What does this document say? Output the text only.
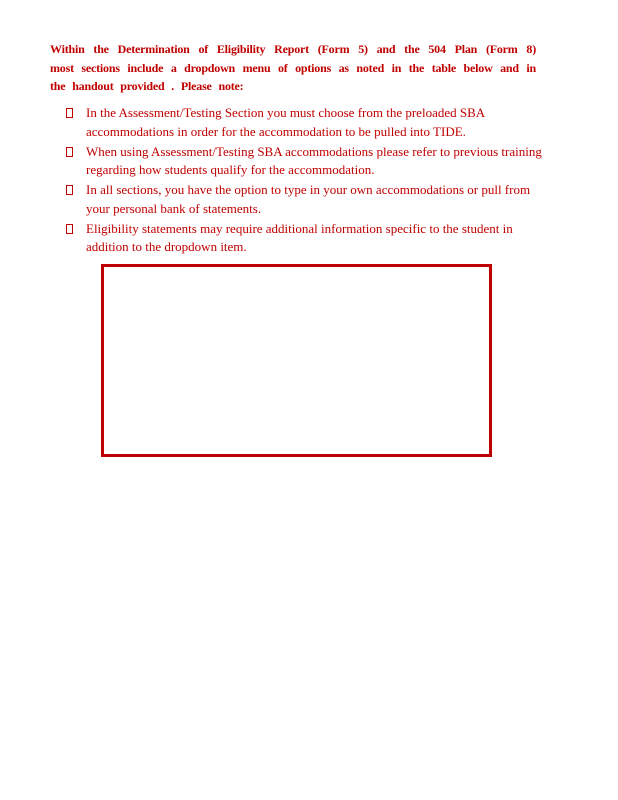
Within the Determination of Eligibility Report (Form 5) and the 504 Plan (Form 8) most sections include a dropdown menu of options as noted in the table below and in the handout provided . Please note:
In the Assessment/Testing Section you must choose from the preloaded SBA accommodations in order for the accommodation to be pulled into TIDE.
When using Assessment/Testing SBA accommodations please refer to previous training regarding how students qualify for the accommodation.
In all sections, you have the option to type in your own accommodations or pull from your personal bank of statements.
Eligibility statements may require additional information specific to the student in addition to the dropdown item.
